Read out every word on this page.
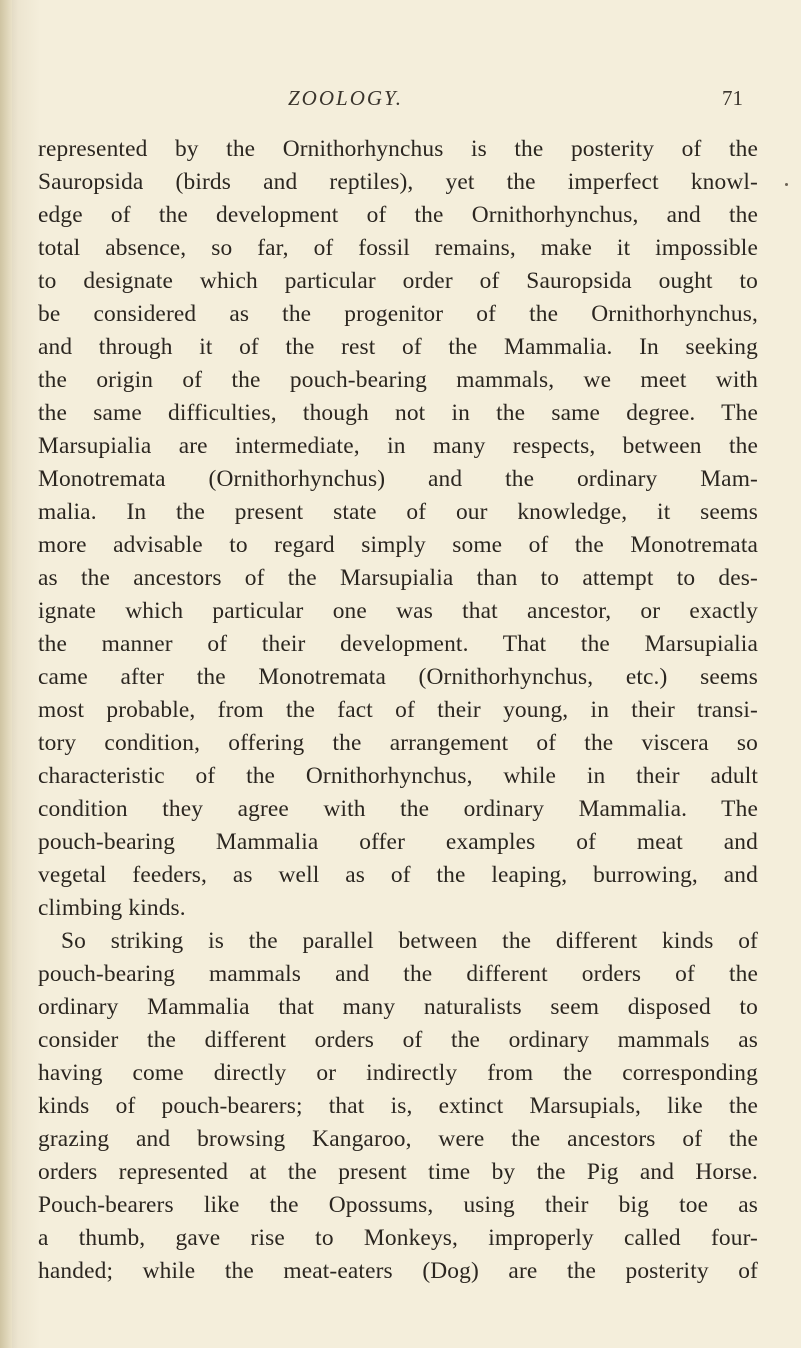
ZOOLOGY.	71
represented by the Ornithorhynchus is the posterity of the
Sauropsida (birds and reptiles), yet the imperfect knowl-
edge of the development of the Ornithorhynchus, and the
total absence, so far, of fossil remains, make it impossible
to designate which particular order of Sauropsida ought to
be considered as the progenitor of the Ornithorhynchus,
and through it of the rest of the Mammalia. In seeking
the origin of the pouch-bearing mammals, we meet with
the same difficulties, though not in the same degree. The
Marsupialia are intermediate, in many respects, between the
Monotremata (Ornithorhynchus) and the ordinary Mam-
malia. In the present state of our knowledge, it seems
more advisable to regard simply some of the Monotremata
as the ancestors of the Marsupialia than to attempt to des-
ignate which particular one was that ancestor, or exactly
the manner of their development. That the Marsupialia
came after the Monotremata (Ornithorhynchus, etc.) seems
most probable, from the fact of their young, in their transi-
tory condition, offering the arrangement of the viscera so
characteristic of the Ornithorhynchus, while in their adult
condition they agree with the ordinary Mammalia. The
pouch-bearing Mammalia offer examples of meat and
vegetal feeders, as well as of the leaping, burrowing, and
climbing kinds.
So striking is the parallel between the different kinds of
pouch-bearing mammals and the different orders of the
ordinary Mammalia that many naturalists seem disposed to
consider the different orders of the ordinary mammals as
having come directly or indirectly from the corresponding
kinds of pouch-bearers; that is, extinct Marsupials, like the
grazing and browsing Kangaroo, were the ancestors of the
orders represented at the present time by the Pig and Horse.
Pouch-bearers like the Opossums, using their big toe as
a thumb, gave rise to Monkeys, improperly called four-
handed; while the meat-eaters (Dog) are the posterity of
